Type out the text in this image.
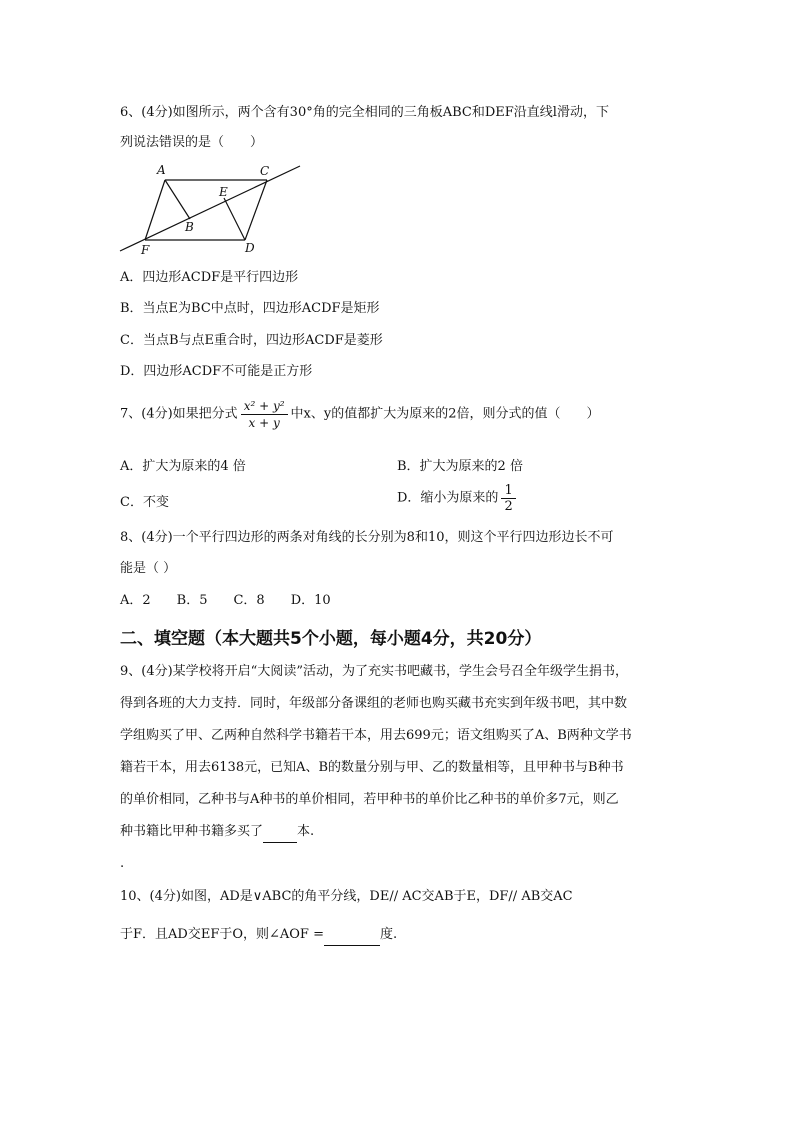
6、(4分)如图所示，两个含有30°角的完全相同的三角板ABC和DEF沿直线l滑动，下
列说法错误的是（　　）
A	C
E
B
F	D
A．四边形ACDF是平行四边形
B．当点E为BC中点时，四边形ACDF是矩形
C．当点B与点E重合时，四边形ACDF是菱形
D．四边形ACDF不可能是正方形
7、(4分)如果把分式 $\frac{\text{x² + y²}}{x + y}$ 中x、y的值都扩大为原来的2倍，则分式的值（　　）
A．扩大为原来的4 倍	B．扩大为原来的2 倍
C．不变	D．缩小为原来的 $\frac{1}{2}$
8、(4分)一个平行四边形的两条对角线的长分别为8和10，则这个平行四边形边长不可
能是（ ）
A．2　　B．5　　C．8　　D．10
二、填空题（本大题共5个小题，每小题4分，共20分）
9、(4分)某学校将开启“大阅读”活动，为了充实书吧藏书，学生会号召全年级学生捐书，
得到各班的大力支持．同时，年级部分备课组的老师也购买藏书充实到年级书吧，其中数
学组购买了甲、乙两种自然科学书籍若干本，用去699元；语文组购买了A、B两种文学书
籍若干本，用去6138元，已知A、B的数量分别与甲、乙的数量相等，且甲种书与B种书
的单价相同，乙种书与A种书的单价相同，若甲种书的单价比乙种书的单价多7元，则乙
种书籍比甲种书籍多买了	本.
.
10、(4分)如图，AD是∨ABC的角平分线，DE// AC交AB于E，DF// AB交AC
于F．且AD交EF于O，则∠AOF =	度.
